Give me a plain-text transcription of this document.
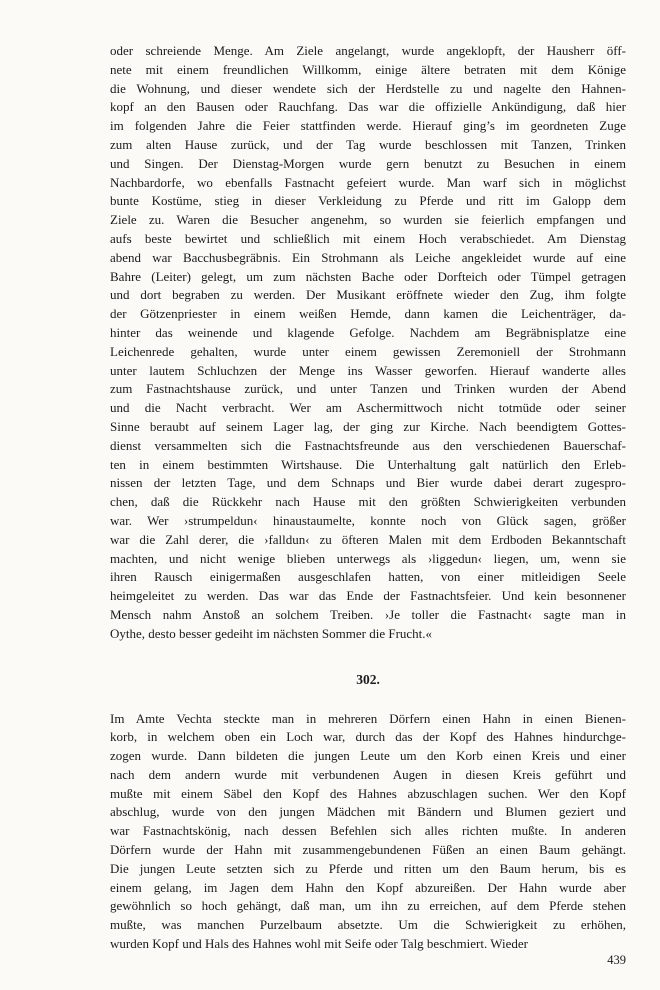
oder schreiende Menge. Am Ziele angelangt, wurde angeklopft, der Hausherr öff-
nete mit einem freundlichen Willkomm, einige ältere betraten mit dem Könige
die Wohnung, und dieser wendete sich der Herdstelle zu und nagelte den Hahnen-
kopf an den Bausen oder Rauchfang. Das war die offizielle Ankündigung, daß hier
im folgenden Jahre die Feier stattfinden werde. Hierauf ging’s im geordneten Zuge
zum alten Hause zurück, und der Tag wurde beschlossen mit Tanzen, Trinken
und Singen. Der Dienstag-Morgen wurde gern benutzt zu Besuchen in einem
Nachbardorfe, wo ebenfalls Fastnacht gefeiert wurde. Man warf sich in möglichst
bunte Kostüme, stieg in dieser Verkleidung zu Pferde und ritt im Galopp dem
Ziele zu. Waren die Besucher angenehm, so wurden sie feierlich empfangen und
aufs beste bewirtet und schließlich mit einem Hoch verabschiedet. Am Dienstag
abend war Bacchusbegräbnis. Ein Strohmann als Leiche angekleidet wurde auf eine
Bahre (Leiter) gelegt, um zum nächsten Bache oder Dorfteich oder Tümpel getragen
und dort begraben zu werden. Der Musikant eröffnete wieder den Zug, ihm folgte
der Götzenpriester in einem weißen Hemde, dann kamen die Leichenträger, da-
hinter das weinende und klagende Gefolge. Nachdem am Begräbnisplatze eine
Leichenrede gehalten, wurde unter einem gewissen Zeremoniell der Strohmann
unter lautem Schluchzen der Menge ins Wasser geworfen. Hierauf wanderte alles
zum Fastnachtshause zurück, und unter Tanzen und Trinken wurden der Abend
und die Nacht verbracht. Wer am Aschermittwoch nicht totmüde oder seiner
Sinne beraubt auf seinem Lager lag, der ging zur Kirche. Nach beendigtem Gottes-
dienst versammelten sich die Fastnachtsfreunde aus den verschiedenen Bauerschaf-
ten in einem bestimmten Wirtshause. Die Unterhaltung galt natürlich den Erleb-
nissen der letzten Tage, und dem Schnaps und Bier wurde dabei derart zugespro-
chen, daß die Rückkehr nach Hause mit den größten Schwierigkeiten verbunden
war. Wer ›strumpeldun‹ hinaustaumelte, konnte noch von Glück sagen, größer
war die Zahl derer, die ›falldun‹ zu öfteren Malen mit dem Erdboden Bekanntschaft
machten, und nicht wenige blieben unterwegs als ›liggedun‹ liegen, um, wenn sie
ihren Rausch einigermaßen ausgeschlafen hatten, von einer mitleidigen Seele
heimgeleitet zu werden. Das war das Ende der Fastnachtsfeier. Und kein besonnener
Mensch nahm Anstoß an solchem Treiben. ›Je toller die Fastnacht‹ sagte man in
Oythe, desto besser gedeiht im nächsten Sommer die Frucht.«
302.
Im Amte Vechta steckte man in mehreren Dörfern einen Hahn in einen Bienen-
korb, in welchem oben ein Loch war, durch das der Kopf des Hahnes hindurchge-
zogen wurde. Dann bildeten die jungen Leute um den Korb einen Kreis und einer
nach dem andern wurde mit verbundenen Augen in diesen Kreis geführt und
mußte mit einem Säbel den Kopf des Hahnes abzuschlagen suchen. Wer den Kopf
abschlug, wurde von den jungen Mädchen mit Bändern und Blumen geziert und
war Fastnachtskönig, nach dessen Befehlen sich alles richten mußte. In anderen
Dörfern wurde der Hahn mit zusammengebundenen Füßen an einen Baum gehängt.
Die jungen Leute setzten sich zu Pferde und ritten um den Baum herum, bis es
einem gelang, im Jagen dem Hahn den Kopf abzureißen. Der Hahn wurde aber
gewöhnlich so hoch gehängt, daß man, um ihn zu erreichen, auf dem Pferde stehen
mußte, was manchen Purzelbaum absetzte. Um die Schwierigkeit zu erhöhen,
wurden Kopf und Hals des Hahnes wohl mit Seife oder Talg beschmiert. Wieder
439
